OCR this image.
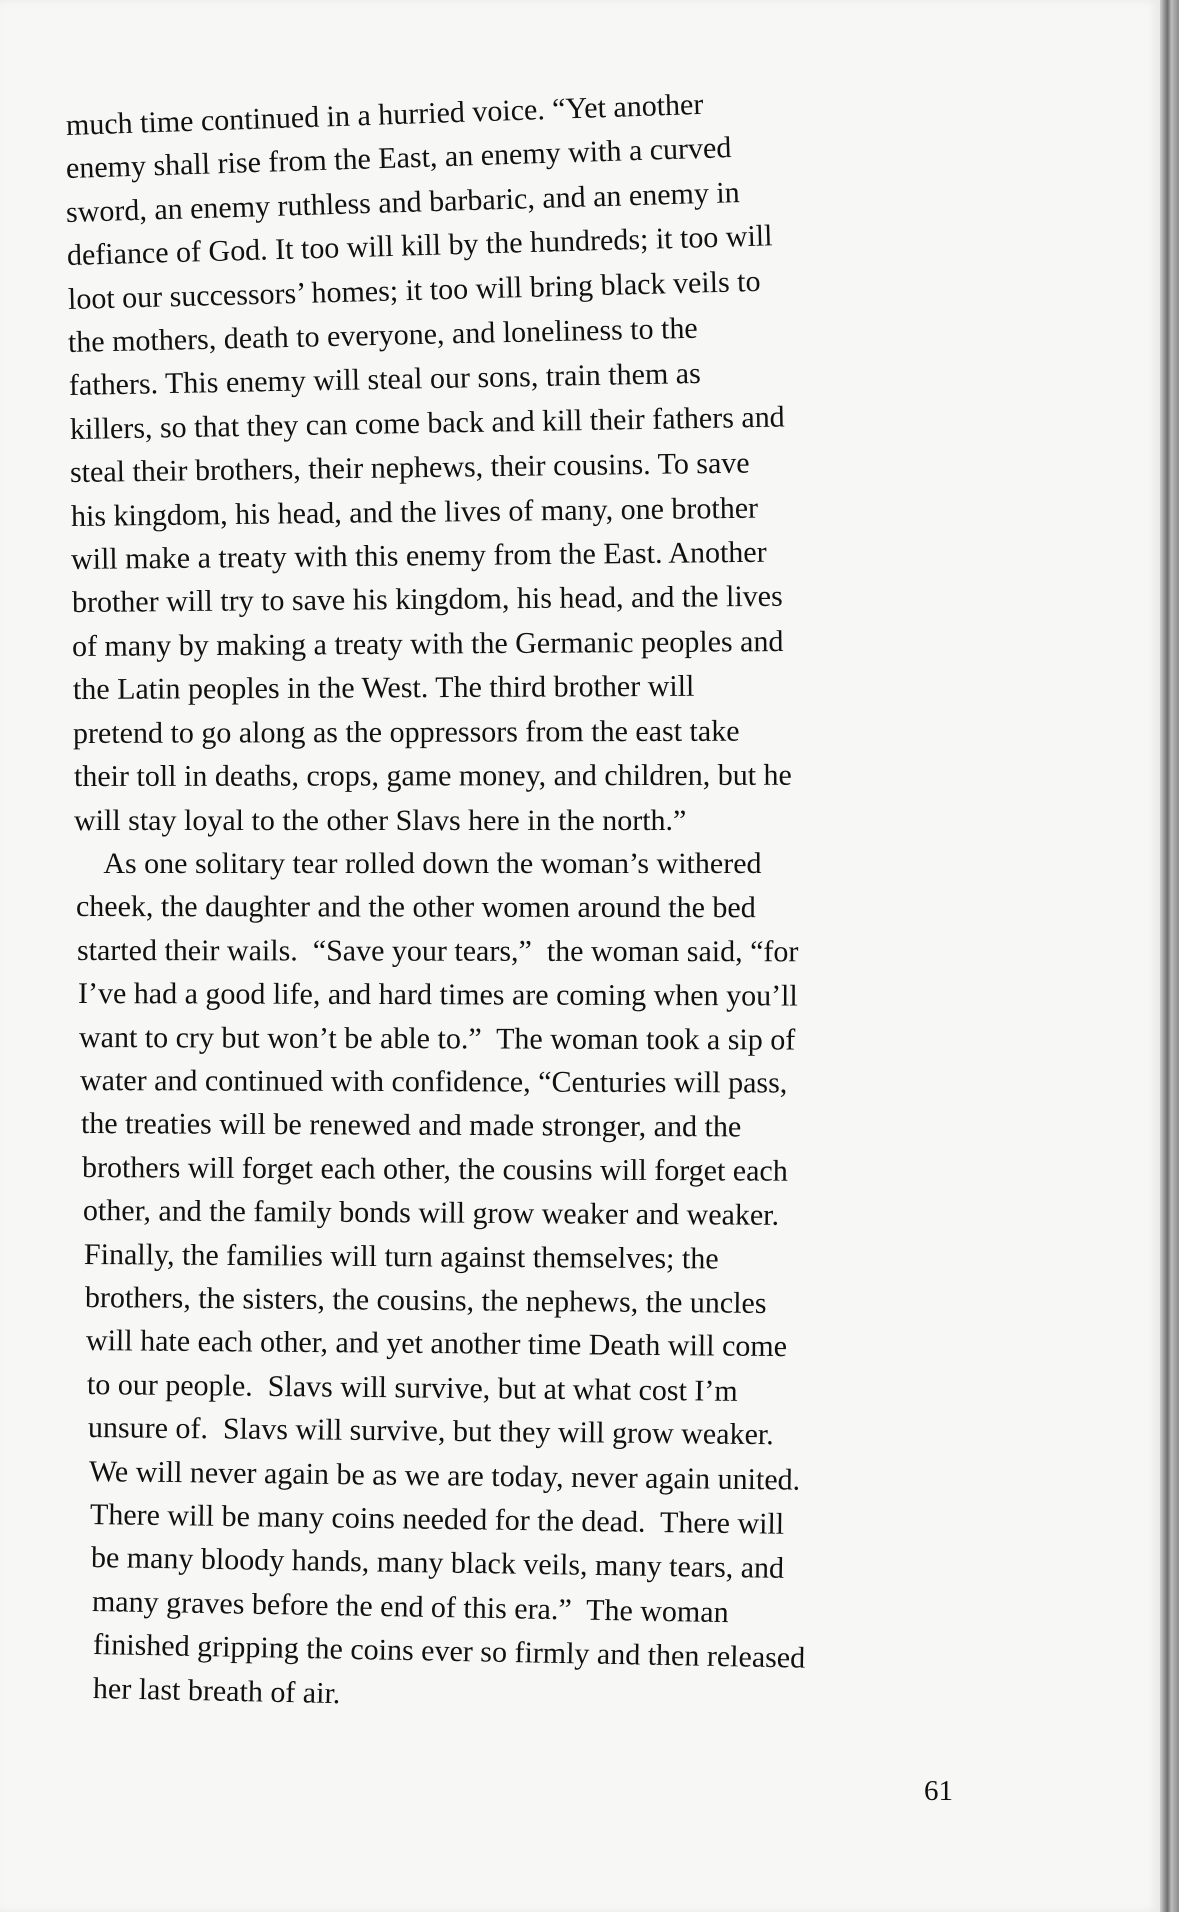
much time continued in a hurried voice. “Yet another
enemy shall rise from the East, an enemy with a curved
sword, an enemy ruthless and barbaric, and an enemy in
defiance of God. It too will kill by the hundreds; it too will
loot our successors’ homes; it too will bring black veils to
the mothers, death to everyone, and loneliness to the
fathers. This enemy will steal our sons, train them as
killers, so that they can come back and kill their fathers and
steal their brothers, their nephews, their cousins. To save
his kingdom, his head, and the lives of many, one brother
will make a treaty with this enemy from the East. Another
brother will try to save his kingdom, his head, and the lives
of many by making a treaty with the Germanic peoples and
the Latin peoples in the West. The third brother will
pretend to go along as the oppressors from the east take
their toll in deaths, crops, game money, and children, but he
will stay loyal to the other Slavs here in the north.”
As one solitary tear rolled down the woman’s withered
cheek, the daughter and the other women around the bed
started their wails.  “Save your tears,”  the woman said, “for
I’ve had a good life, and hard times are coming when you’ll
want to cry but won’t be able to.”  The woman took a sip of
water and continued with confidence, “Centuries will pass,
the treaties will be renewed and made stronger, and the
brothers will forget each other, the cousins will forget each
other, and the family bonds will grow weaker and weaker.
Finally, the families will turn against themselves; the
brothers, the sisters, the cousins, the nephews, the uncles
will hate each other, and yet another time Death will come
to our people.  Slavs will survive, but at what cost I’m
unsure of.  Slavs will survive, but they will grow weaker.
We will never again be as we are today, never again united.
There will be many coins needed for the dead.  There will
be many bloody hands, many black veils, many tears, and
many graves before the end of this era.”  The woman
finished gripping the coins ever so firmly and then released
her last breath of air.
61
